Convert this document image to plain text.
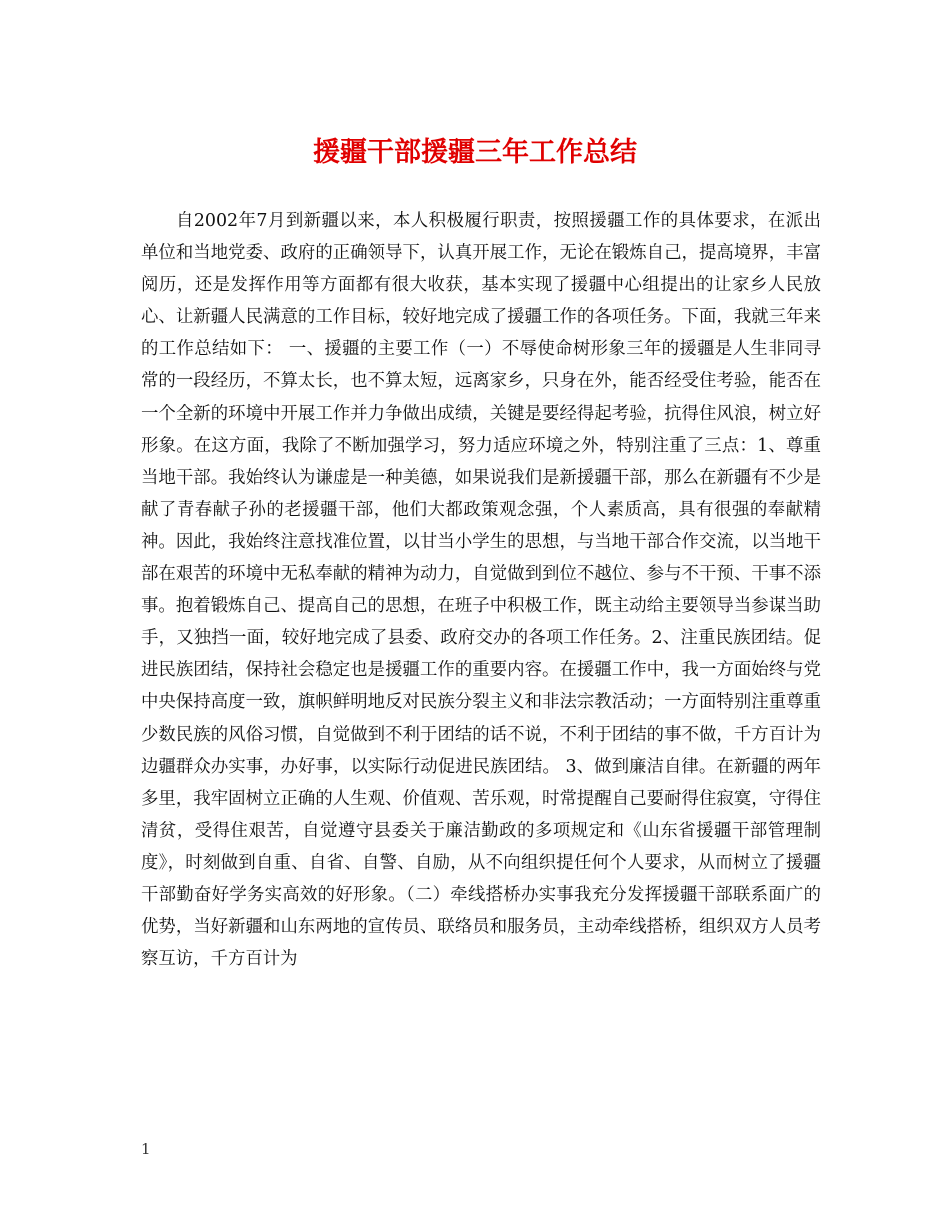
援疆干部援疆三年工作总结

自2002年7月到新疆以来，本人积极履行职责，按照援疆工作的具体要求，在派出单位和当地党委、政府的正确领导下，认真开展工作，无论在锻炼自己，提高境界，丰富阅历，还是发挥作用等方面都有很大收获，基本实现了援疆中心组提出的让家乡人民放心、让新疆人民满意的工作目标，较好地完成了援疆工作的各项任务。下面，我就三年来的工作总结如下： 一、援疆的主要工作（一）不辱使命树形象三年的援疆是人生非同寻常的一段经历，不算太长，也不算太短，远离家乡，只身在外，能否经受住考验，能否在一个全新的环境中开展工作并力争做出成绩，关键是要经得起考验，抗得住风浪，树立好形象。在这方面，我除了不断加强学习，努力适应环境之外，特别注重了三点：1、尊重当地干部。我始终认为谦虚是一种美德，如果说我们是新援疆干部，那么在新疆有不少是献了青春献子孙的老援疆干部，他们大都政策观念强，个人素质高，具有很强的奉献精神。因此，我始终注意找准位置，以甘当小学生的思想，与当地干部合作交流，以当地干部在艰苦的环境中无私奉献的精神为动力，自觉做到到位不越位、参与不干预、干事不添事。抱着锻炼自己、提高自己的思想，在班子中积极工作，既主动给主要领导当参谋当助手，又独挡一面，较好地完成了县委、政府交办的各项工作任务。2、注重民族团结。促进民族团结，保持社会稳定也是援疆工作的重要内容。在援疆工作中，我一方面始终与党中央保持高度一致，旗帜鲜明地反对民族分裂主义和非法宗教活动；一方面特别注重尊重少数民族的风俗习惯，自觉做到不利于团结的话不说，不利于团结的事不做，千方百计为边疆群众办实事，办好事，以实际行动促进民族团结。 3、做到廉洁自律。在新疆的两年多里，我牢固树立正确的人生观、价值观、苦乐观，时常提醒自己要耐得住寂寞，守得住清贫，受得住艰苦，自觉遵守县委关于廉洁勤政的多项规定和《山东省援疆干部管理制度》，时刻做到自重、自省、自警、自励，从不向组织提任何个人要求，从而树立了援疆干部勤奋好学务实高效的好形象。（二）牵线搭桥办实事我充分发挥援疆干部联系面广的优势，当好新疆和山东两地的宣传员、联络员和服务员，主动牵线搭桥，组织双方人员考察互访，千方百计为

1
